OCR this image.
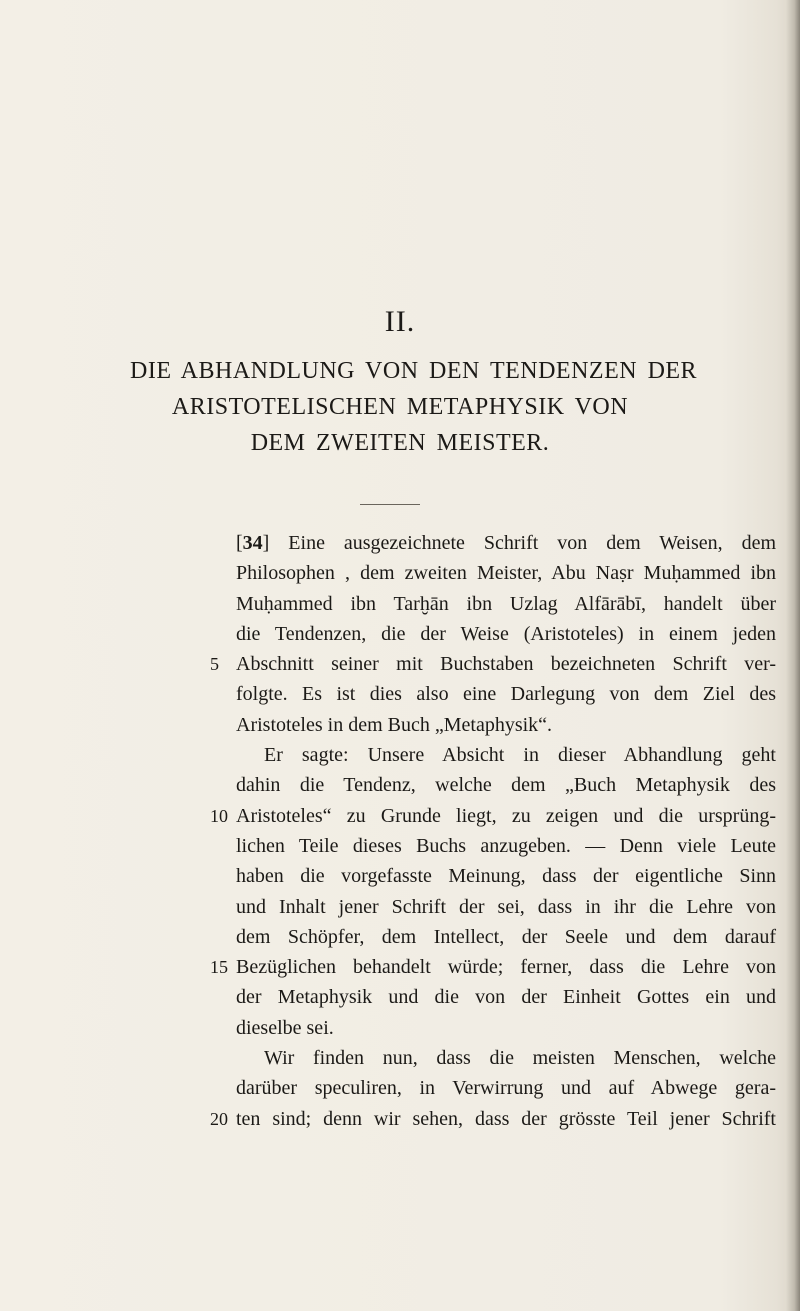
II.
DIE ABHANDLUNG VON DEN TENDENZEN DER
ARISTOTELISCHEN METAPHYSIK VON
DEM ZWEITEN MEISTER.
[34] Eine ausgezeichnete Schrift von dem Weisen, dem
Philosophen , dem zweiten Meister, Abu Naṣr Muḥammed ibn
Muḥammed ibn Tarḫān ibn Uzlag Alfārābī, handelt über
die Tendenzen, die der Weise (Aristoteles) in einem jeden
5 Abschnitt seiner mit Buchstaben bezeichneten Schrift ver-
folgte. Es ist dies also eine Darlegung von dem Ziel des
Aristoteles in dem Buch „Metaphysik“.
Er sagte: Unsere Absicht in dieser Abhandlung geht
dahin die Tendenz, welche dem „Buch Metaphysik des
10 Aristoteles“ zu Grunde liegt, zu zeigen und die ursprüng-
lichen Teile dieses Buchs anzugeben. — Denn viele Leute
haben die vorgefasste Meinung, dass der eigentliche Sinn
und Inhalt jener Schrift der sei, dass in ihr die Lehre von
dem Schöpfer, dem Intellect, der Seele und dem darauf
15 Bezüglichen behandelt würde; ferner, dass die Lehre von
der Metaphysik und die von der Einheit Gottes ein und
dieselbe sei.
Wir finden nun, dass die meisten Menschen, welche
darüber speculiren, in Verwirrung und auf Abwege gera-
20 ten sind; denn wir sehen, dass der grösste Teil jener Schrift
